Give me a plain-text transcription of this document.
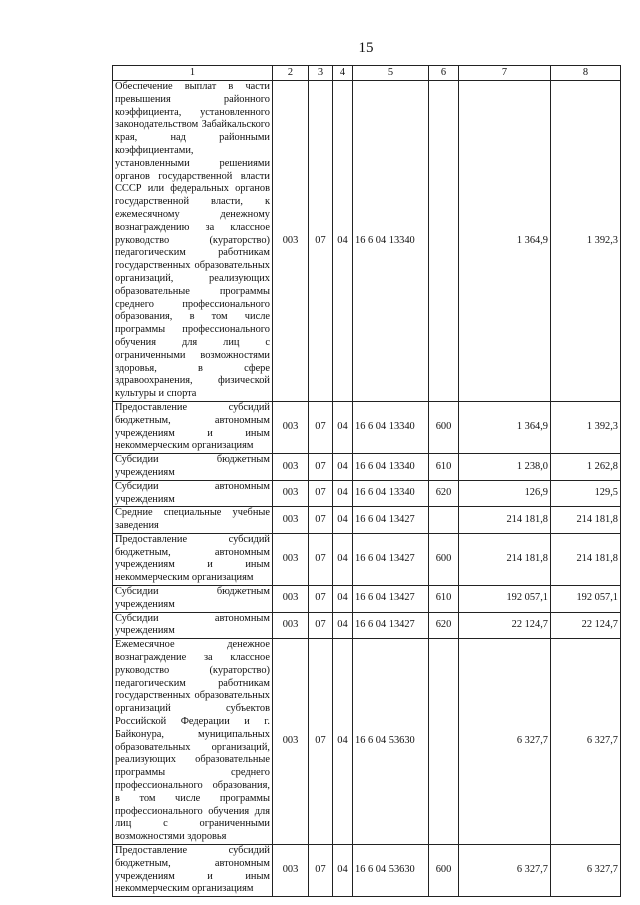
15
1	2	3	4	5	6	7	8
Обеспечение выплат в части превышения районного коэффициента, установленного законодательством Забайкальского края, над районными коэффициентами, установленными решениями органов государственной власти СССР или федеральных органов государственной власти, к ежемесячному денежному вознаграждению за классное руководство (кураторство) педагогическим работникам государственных образовательных организаций, реализующих образовательные программы среднего профессионального образования, в том числе программы профессионального обучения для лиц с ограниченными возможностями здоровья, в сфере здравоохранения, физической культуры и спорта	003	07	04	16 6 04 13340		1 364,9	1 392,3
Предоставление субсидий бюджетным, автономным учреждениям и иным некоммерческим организациям	003	07	04	16 6 04 13340	600	1 364,9	1 392,3
Субсидии бюджетным учреждениям	003	07	04	16 6 04 13340	610	1 238,0	1 262,8
Субсидии автономным учреждениям	003	07	04	16 6 04 13340	620	126,9	129,5
Средние специальные учебные заведения	003	07	04	16 6 04 13427		214 181,8	214 181,8
Предоставление субсидий бюджетным, автономным учреждениям и иным некоммерческим организациям	003	07	04	16 6 04 13427	600	214 181,8	214 181,8
Субсидии бюджетным учреждениям	003	07	04	16 6 04 13427	610	192 057,1	192 057,1
Субсидии автономным учреждениям	003	07	04	16 6 04 13427	620	22 124,7	22 124,7
Ежемесячное денежное вознаграждение за классное руководство (кураторство) педагогическим работникам государственных образовательных организаций субъектов Российской Федерации и г. Байконура, муниципальных образовательных организаций, реализующих образовательные программы среднего профессионального образования, в том числе программы профессионального обучения для лиц с ограниченными возможностями здоровья	003	07	04	16 6 04 53630		6 327,7	6 327,7
Предоставление субсидий бюджетным, автономным учреждениям и иным некоммерческим организациям	003	07	04	16 6 04 53630	600	6 327,7	6 327,7
